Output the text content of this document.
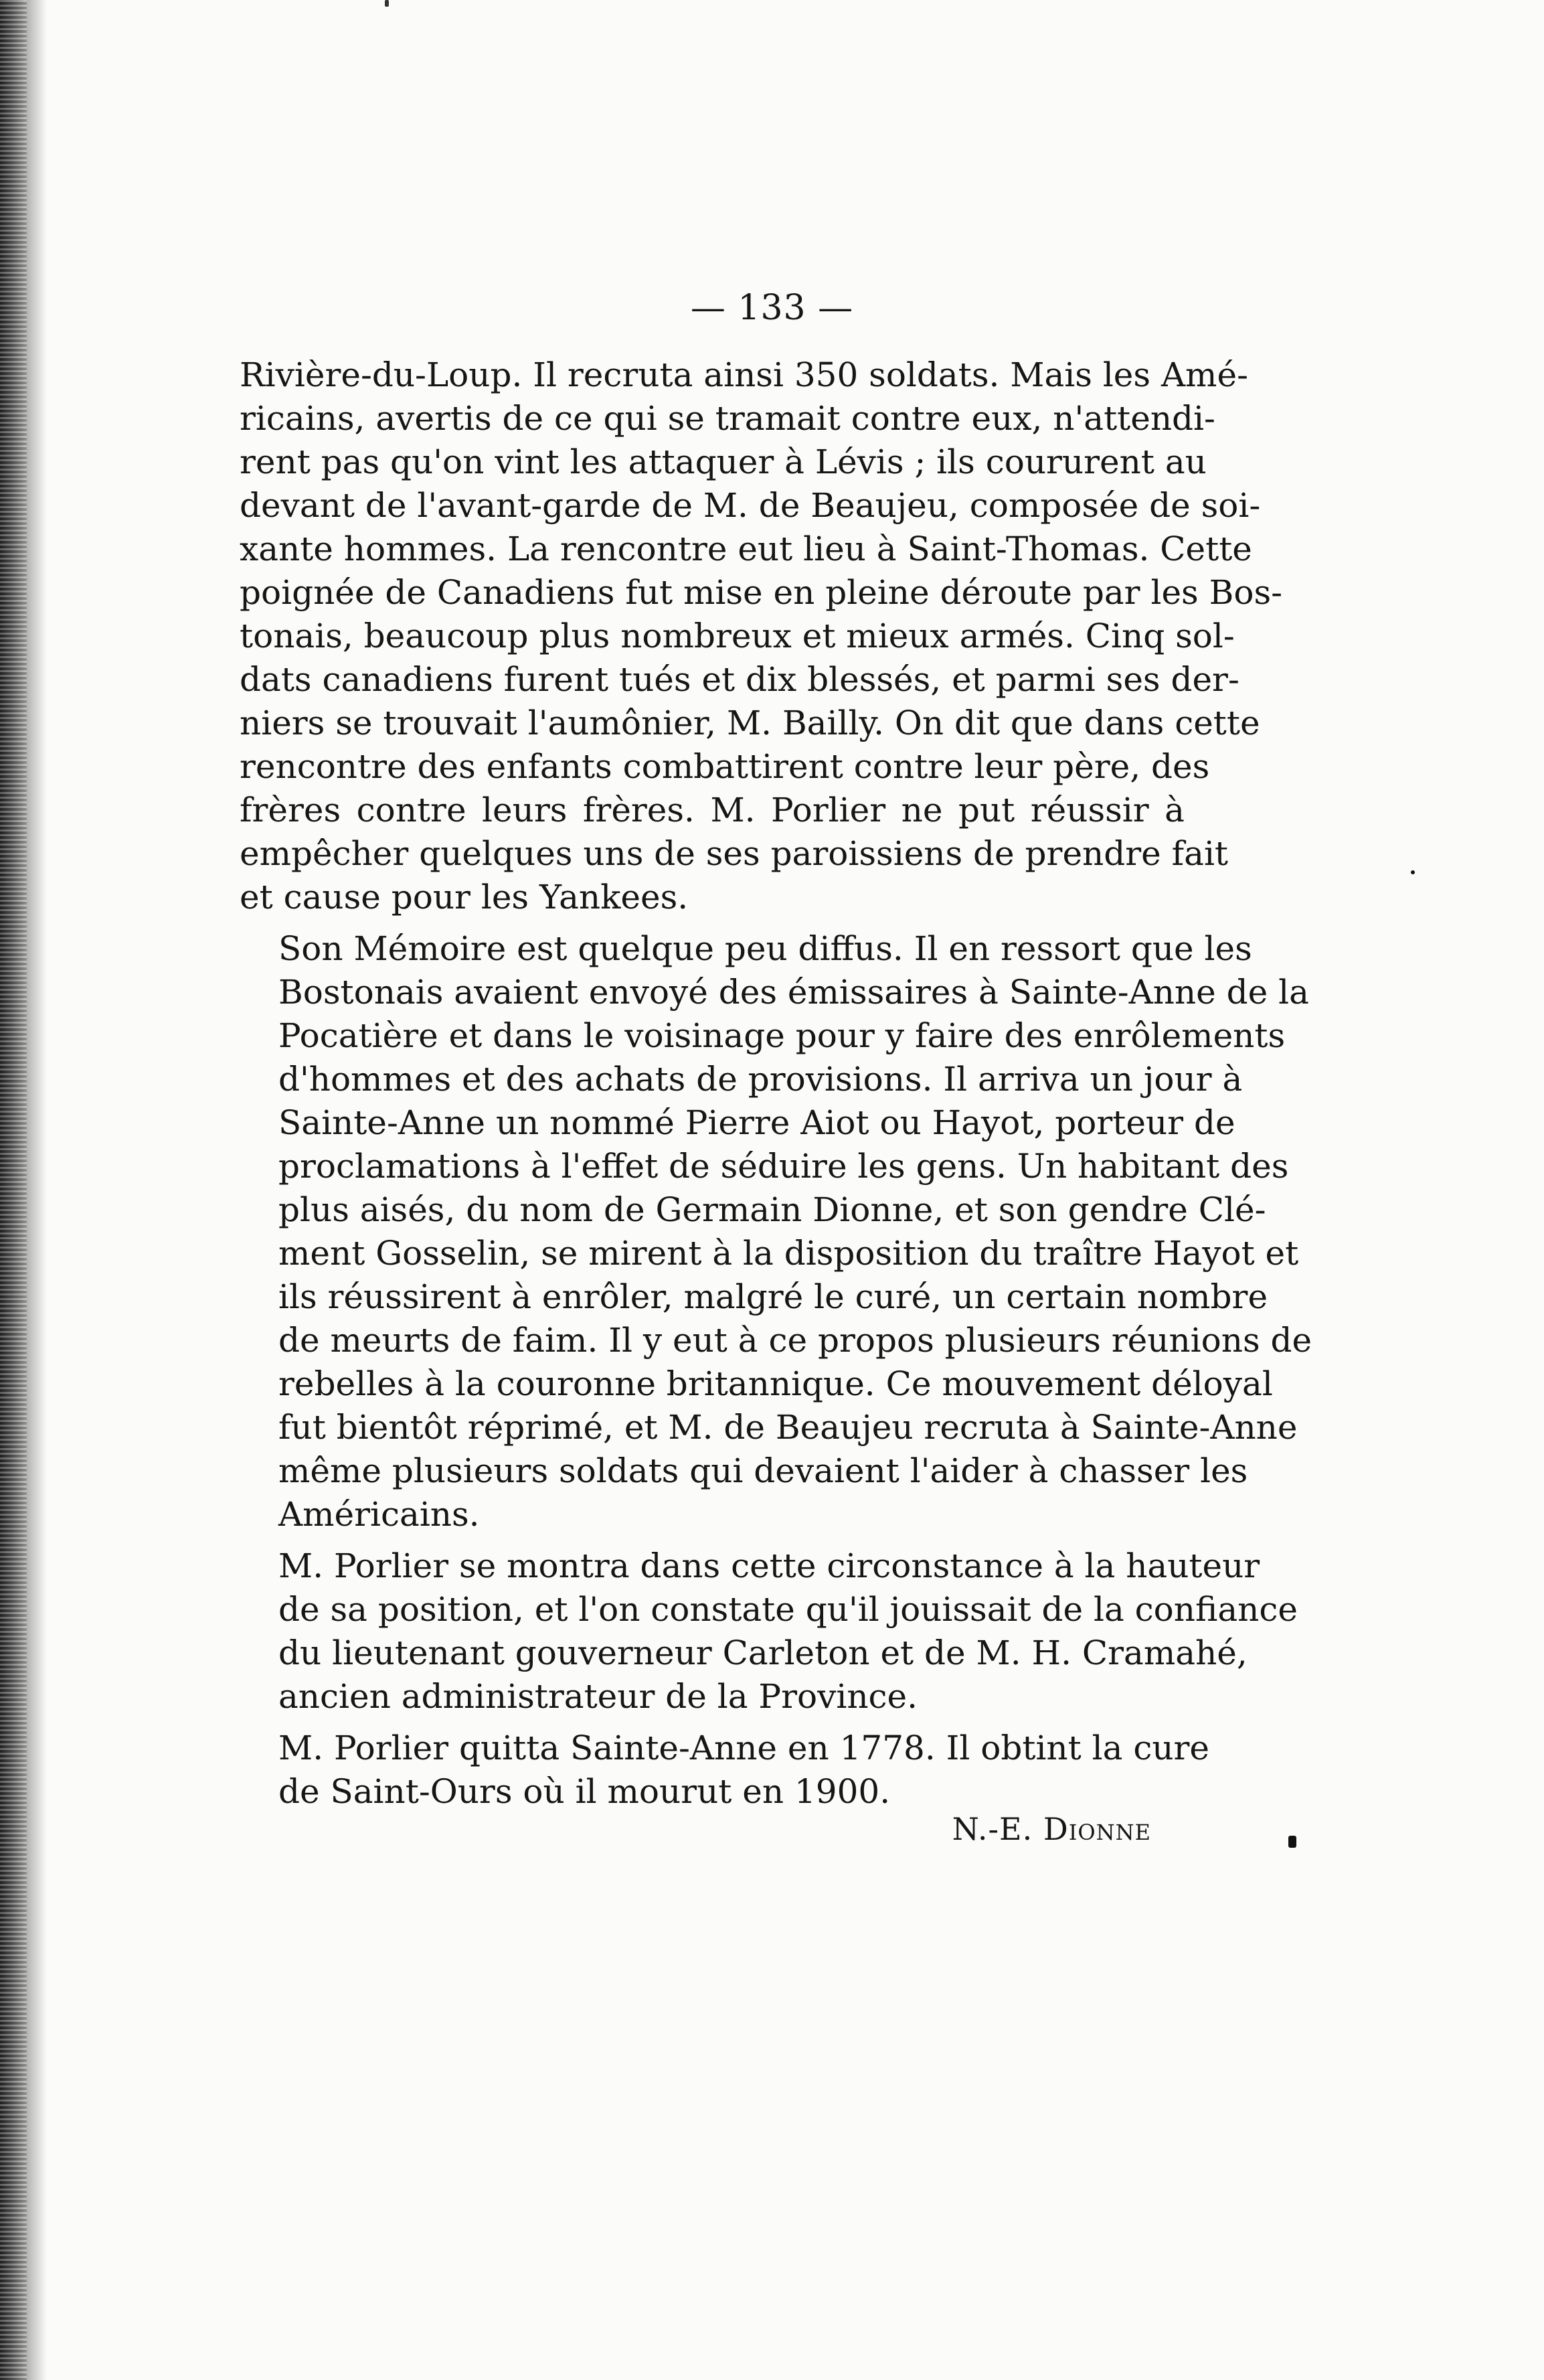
— 133 —

Rivière-du-Loup. Il recruta ainsi 350 soldats. Mais les Amé-
ricains, avertis de ce qui se tramait contre eux, n'attendi-
rent pas qu'on vint les attaquer à Lévis ; ils coururent au
devant de l'avant-garde de M. de Beaujeu, composée de soi-
xante hommes. La rencontre eut lieu à Saint-Thomas. Cette
poignée de Canadiens fut mise en pleine déroute par les Bos-
tonais, beaucoup plus nombreux et mieux armés. Cinq sol-
dats canadiens furent tués et dix blessés, et parmi ses der-
niers se trouvait l'aumônier, M. Bailly. On dit que dans cette
rencontre des enfants combattirent contre leur père, des
frères contre leurs frères. M. Porlier ne put réussir à
empêcher quelques uns de ses paroissiens de prendre fait
et cause pour les Yankees.

Son Mémoire est quelque peu diffus. Il en ressort que les
Bostonais avaient envoyé des émissaires à Sainte-Anne de la
Pocatière et dans le voisinage pour y faire des enrôlements
d'hommes et des achats de provisions. Il arriva un jour à
Sainte-Anne un nommé Pierre Aiot ou Hayot, porteur de
proclamations à l'effet de séduire les gens. Un habitant des
plus aisés, du nom de Germain Dionne, et son gendre Clé-
ment Gosselin, se mirent à la disposition du traître Hayot et
ils réussirent à enrôler, malgré le curé, un certain nombre
de meurts de faim. Il y eut à ce propos plusieurs réunions de
rebelles à la couronne britannique. Ce mouvement déloyal
fut bientôt réprimé, et M. de Beaujeu recruta à Sainte-Anne
même plusieurs soldats qui devaient l'aider à chasser les
Américains.

M. Porlier se montra dans cette circonstance à la hauteur
de sa position, et l'on constate qu'il jouissait de la confiance
du lieutenant gouverneur Carleton et de M. H. Cramahé,
ancien administrateur de la Province.

M. Porlier quitta Sainte-Anne en 1778. Il obtint la cure
de Saint-Ours où il mourut en 1900.

N.-E. Dionne
